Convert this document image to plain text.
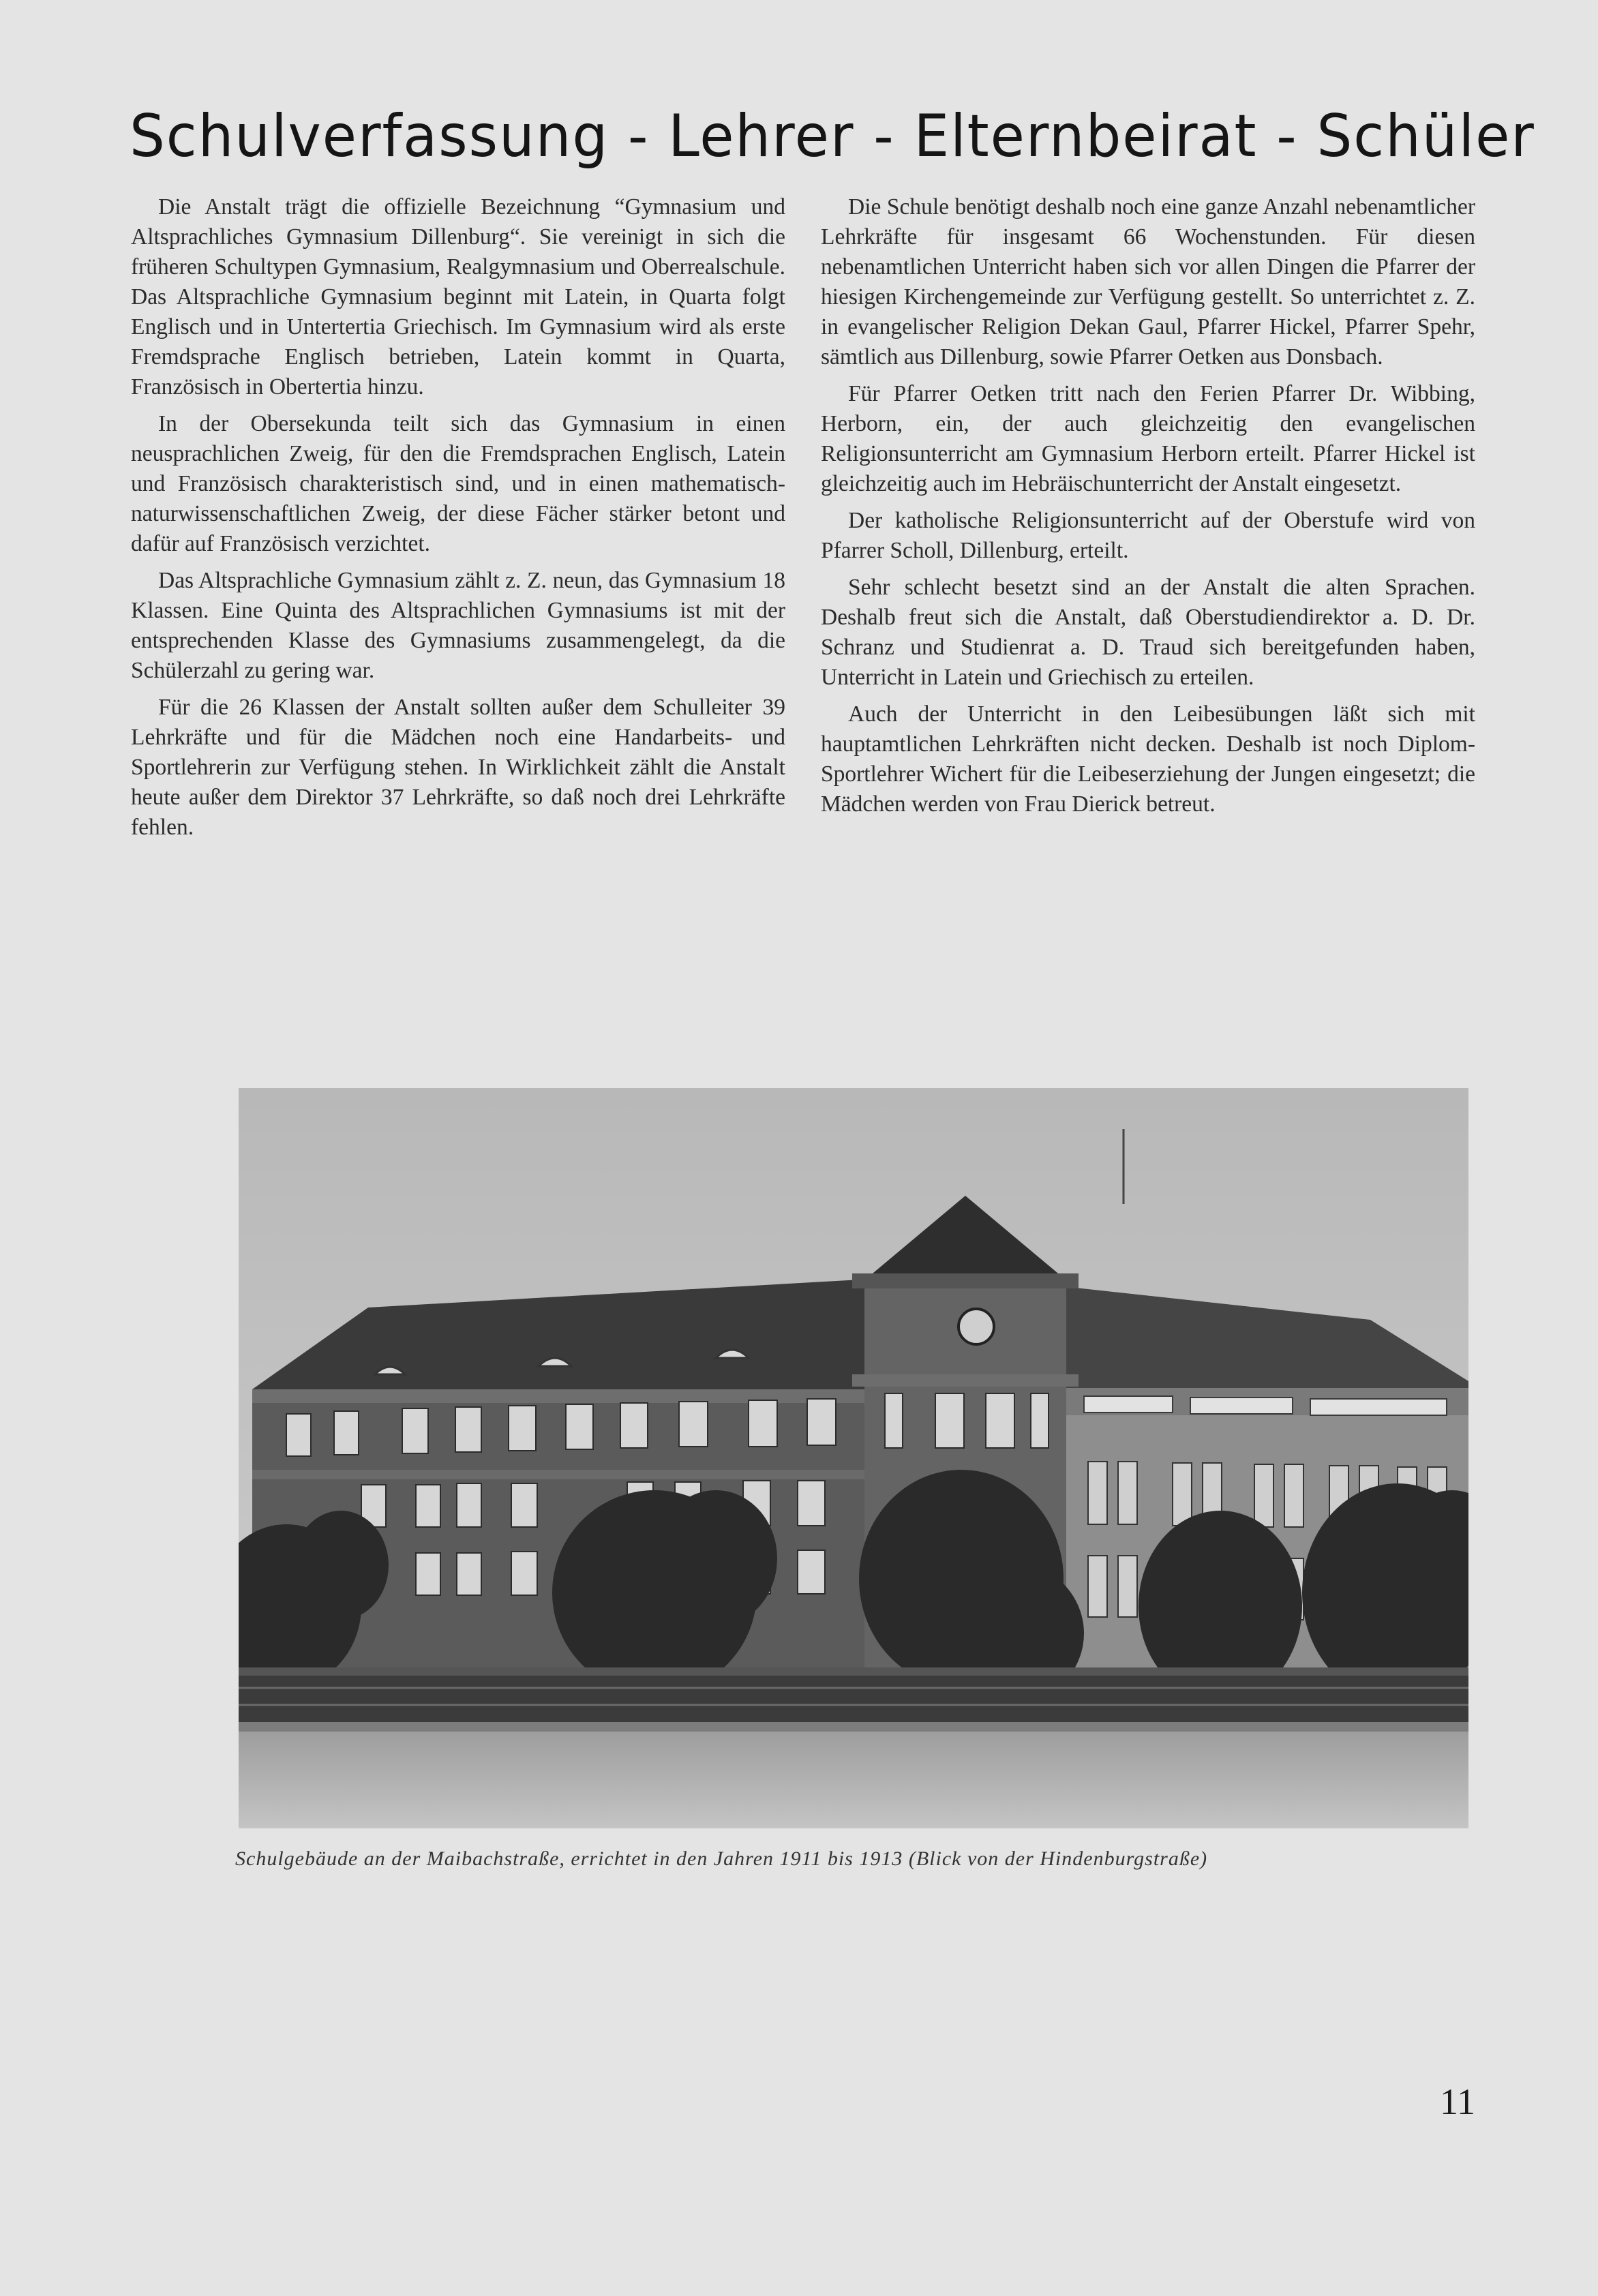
Schulverfassung - Lehrer - Elternbeirat - Schüler

Die Anstalt trägt die offizielle Bezeichnung “Gymnasium und Altsprachliches Gymnasium Dillenburg“. Sie vereinigt in sich die früheren Schultypen Gymnasium, Realgymnasium und Oberrealschule. Das Altsprachliche Gymnasium beginnt mit Latein, in Quarta folgt Englisch und in Untertertia Griechisch. Im Gymnasium wird als erste Fremdsprache Englisch betrieben, Latein kommt in Quarta, Französisch in Obertertia hinzu.

In der Obersekunda teilt sich das Gymnasium in einen neusprachlichen Zweig, für den die Fremdsprachen Englisch, Latein und Französisch charakteristisch sind, und in einen mathematisch-naturwissenschaftlichen Zweig, der diese Fächer stärker betont und dafür auf Französisch verzichtet.

Das Altsprachliche Gymnasium zählt z. Z. neun, das Gymnasium 18 Klassen. Eine Quinta des Altsprachlichen Gymnasiums ist mit der entsprechenden Klasse des Gymnasiums zusammengelegt, da die Schülerzahl zu gering war.

Für die 26 Klassen der Anstalt sollten außer dem Schulleiter 39 Lehrkräfte und für die Mädchen noch eine Handarbeits- und Sportlehrerin zur Verfügung stehen. In Wirklichkeit zählt die Anstalt heute außer dem Direktor 37 Lehrkräfte, so daß noch drei Lehrkräfte fehlen.

Die Schule benötigt deshalb noch eine ganze Anzahl nebenamtlicher Lehrkräfte für insgesamt 66 Wochenstunden. Für diesen nebenamtlichen Unterricht haben sich vor allen Dingen die Pfarrer der hiesigen Kirchengemeinde zur Verfügung gestellt. So unterrichtet z. Z. in evangelischer Religion Dekan Gaul, Pfarrer Hickel, Pfarrer Spehr, sämtlich aus Dillenburg, sowie Pfarrer Oetken aus Donsbach.

Für Pfarrer Oetken tritt nach den Ferien Pfarrer Dr. Wibbing, Herborn, ein, der auch gleichzeitig den evangelischen Religionsunterricht am Gymnasium Herborn erteilt. Pfarrer Hickel ist gleichzeitig auch im Hebräischunterricht der Anstalt eingesetzt.

Der katholische Religionsunterricht auf der Oberstufe wird von Pfarrer Scholl, Dillenburg, erteilt.

Sehr schlecht besetzt sind an der Anstalt die alten Sprachen. Deshalb freut sich die Anstalt, daß Oberstudiendirektor a. D. Dr. Schranz und Studienrat a. D. Traud sich bereitgefunden haben, Unterricht in Latein und Griechisch zu erteilen.

Auch der Unterricht in den Leibesübungen läßt sich mit hauptamtlichen Lehrkräften nicht decken. Deshalb ist noch Diplom-Sportlehrer Wichert für die Leibeserziehung der Jungen eingesetzt; die Mädchen werden von Frau Dierick betreut.

Schulgebäude an der Maibachstraße, errichtet in den Jahren 1911 bis 1913 (Blick von der Hindenburgstraße)
11
